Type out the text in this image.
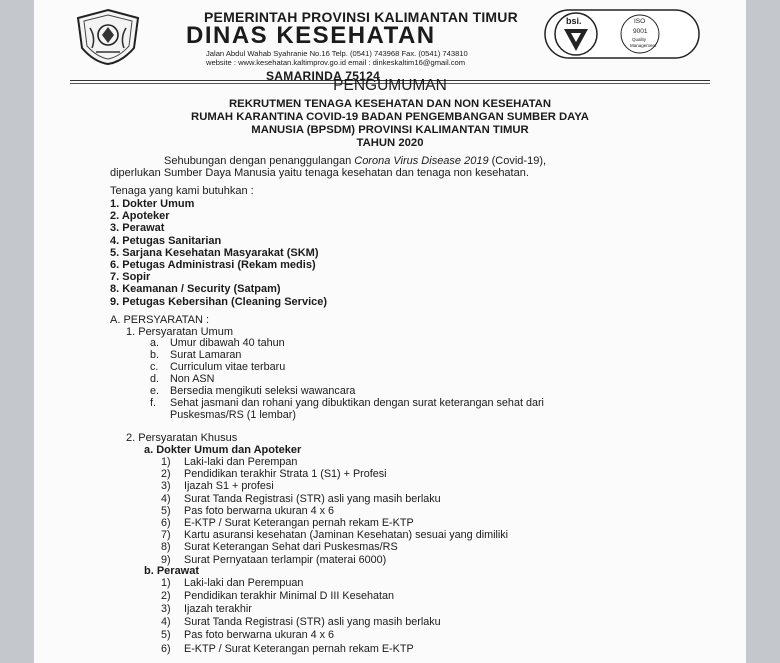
PEMERINTAH PROVINSI KALIMANTAN TIMUR
DINAS KESEHATAN
Jalan Abdul Wahab Syahranie No.16 Telp. (0541) 743968 Fax. (0541) 743810
website : www.kesehatan.kaltimprov.go.id email : dinkeskaltim16@gmail.com
SAMARINDA 75124
bsi.	ISO
9001
Quality
Management
PENGUMUMAN
REKRUTMEN TENAGA KESEHATAN DAN NON KESEHATAN
RUMAH KARANTINA COVID-19 BADAN PENGEMBANGAN SUMBER DAYA
MANUSIA (BPSDM) PROVINSI KALIMANTAN TIMUR
TAHUN 2020
Sehubungan dengan penanggulangan Corona Virus Disease 2019 (Covid-19),
diperlukan Sumber Daya Manusia yaitu tenaga kesehatan dan tenaga non kesehatan.
Tenaga yang kami butuhkan :
1. Dokter Umum
2. Apoteker
3. Perawat
4. Petugas Sanitarian
5. Sarjana Kesehatan Masyarakat (SKM)
6. Petugas Administrasi (Rekam medis)
7. Sopir
8. Keamanan / Security (Satpam)
9. Petugas Kebersihan (Cleaning Service)
A. PERSYARATAN :
1. Persyaratan Umum
a. Umur dibawah 40 tahun
b. Surat Lamaran
c. Curriculum vitae terbaru
d. Non ASN
e. Bersedia mengikuti seleksi wawancara
f. Sehat jasmani dan rohani yang dibuktikan dengan surat keterangan sehat dari
Puskesmas/RS (1 lembar)
2. Persyaratan Khusus
a. Dokter Umum dan Apoteker
1) Laki-laki dan Perempan
2) Pendidikan terakhir Strata 1 (S1) + Profesi
3) Ijazah S1 + profesi
4) Surat Tanda Registrasi (STR) asli yang masih berlaku
5) Pas foto berwarna ukuran 4 x 6
6) E-KTP / Surat Keterangan pernah rekam E-KTP
7) Kartu asuransi kesehatan (Jaminan Kesehatan) sesuai yang dimiliki
8) Surat Keterangan Sehat dari Puskesmas/RS
9) Surat Pernyataan terlampir (materai 6000)
b. Perawat
1) Laki-laki dan Perempuan
2) Pendidikan terakhir Minimal D III Kesehatan
3) Ijazah terakhir
4) Surat Tanda Registrasi (STR) asli yang masih berlaku
5) Pas foto berwarna ukuran 4 x 6
6) E-KTP / Surat Keterangan pernah rekam E-KTP
